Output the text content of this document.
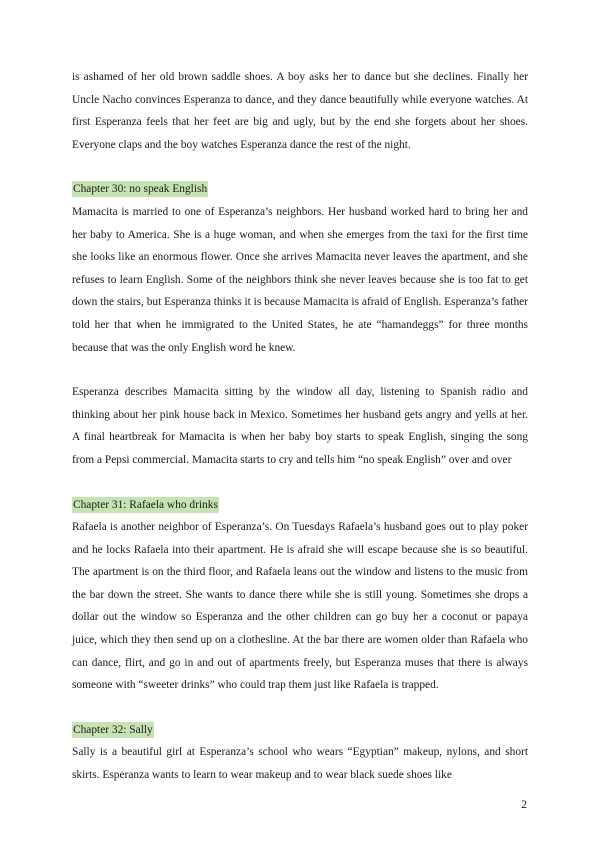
is ashamed of her old brown saddle shoes. A boy asks her to dance but she declines. Finally her Uncle Nacho convinces Esperanza to dance, and they dance beautifully while everyone watches. At first Esperanza feels that her feet are big and ugly, but by the end she forgets about her shoes. Everyone claps and the boy watches Esperanza dance the rest of the night.

Chapter 30: no speak English

Mamacita is married to one of Esperanza’s neighbors. Her husband worked hard to bring her and her baby to America. She is a huge woman, and when she emerges from the taxi for the first time she looks like an enormous flower. Once she arrives Mamacita never leaves the apartment, and she refuses to learn English. Some of the neighbors think she never leaves because she is too fat to get down the stairs, but Esperanza thinks it is because Mamacita is afraid of English. Esperanza’s father told her that when he immigrated to the United States, he ate “hamandeggs” for three months because that was the only English word he knew.

Esperanza describes Mamacita sitting by the window all day, listening to Spanish radio and thinking about her pink house back in Mexico. Sometimes her husband gets angry and yells at her. A final heartbreak for Mamacita is when her baby boy starts to speak English, singing the song from a Pepsi commercial. Mamacita starts to cry and tells him “no speak English” over and over

Chapter 31: Rafaela who drinks

Rafaela is another neighbor of Esperanza’s. On Tuesdays Rafaela’s husband goes out to play poker and he locks Rafaela into their apartment. He is afraid she will escape because she is so beautiful. The apartment is on the third floor, and Rafaela leans out the window and listens to the music from the bar down the street. She wants to dance there while she is still young. Sometimes she drops a dollar out the window so Esperanza and the other children can go buy her a coconut or papaya juice, which they then send up on a clothesline. At the bar there are women older than Rafaela who can dance, flirt, and go in and out of apartments freely, but Esperanza muses that there is always someone with “sweeter drinks” who could trap them just like Rafaela is trapped.

Chapter 32: Sally

Sally is a beautiful girl at Esperanza’s school who wears “Egyptian” makeup, nylons, and short skirts. Esperanza wants to learn to wear makeup and to wear black suede shoes like

2
